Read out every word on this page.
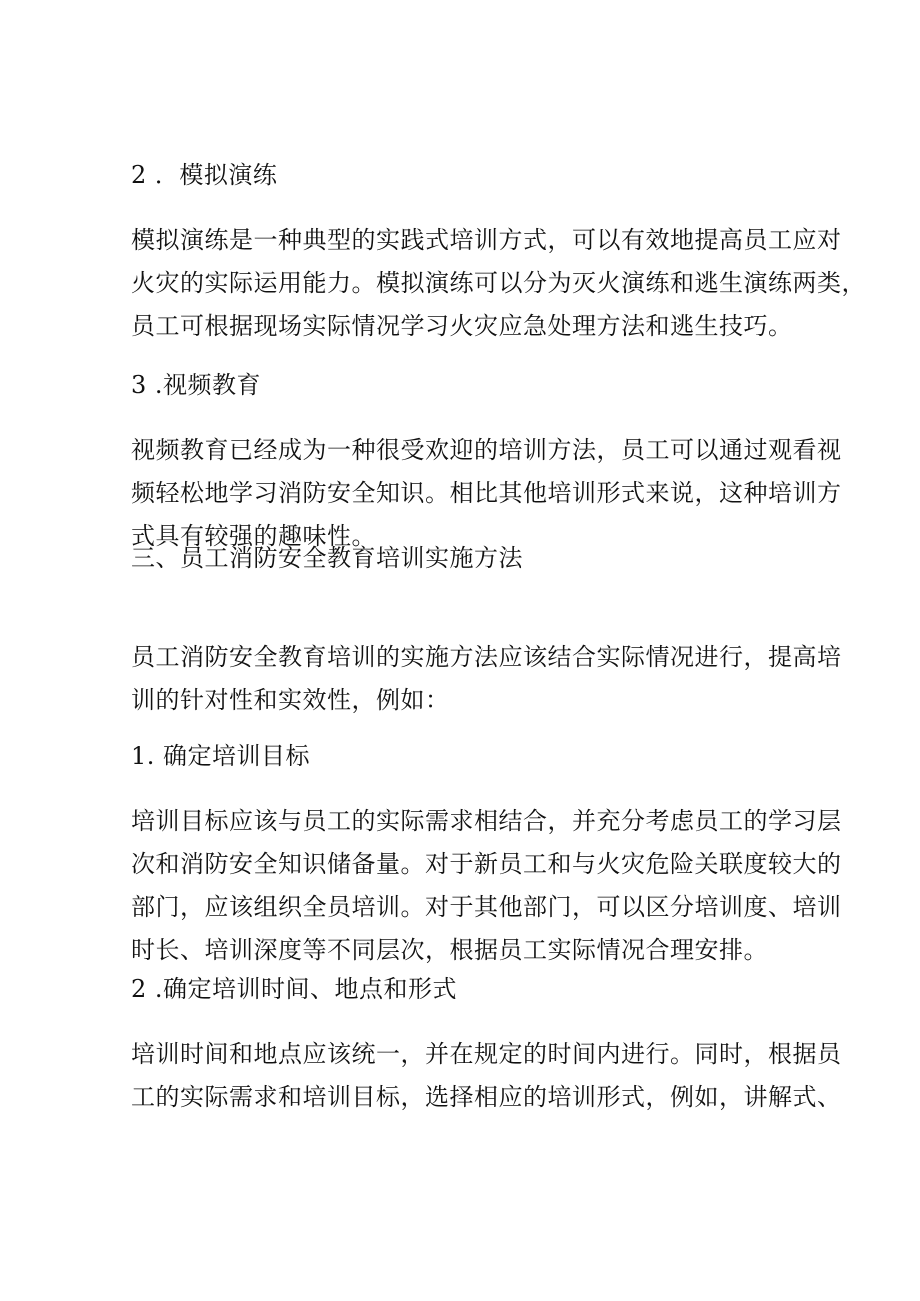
2 ．模拟演练

模拟演练是一种典型的实践式培训方式，可以有效地提高员工应对
火灾的实际运用能力。模拟演练可以分为灭火演练和逃生演练两类，
员工可根据现场实际情况学习火灾应急处理方法和逃生技巧。

3 .视频教育

视频教育已经成为一种很受欢迎的培训方法，员工可以通过观看视
频轻松地学习消防安全知识。相比其他培训形式来说，这种培训方
式具有较强的趣味性。

三、员工消防安全教育培训实施方法

员工消防安全教育培训的实施方法应该结合实际情况进行，提高培
训的针对性和实效性，例如：

1. 确定培训目标

培训目标应该与员工的实际需求相结合，并充分考虑员工的学习层
次和消防安全知识储备量。对于新员工和与火灾危险关联度较大的
部门，应该组织全员培训。对于其他部门，可以区分培训度、培训
时长、培训深度等不同层次，根据员工实际情况合理安排。

2 .确定培训时间、地点和形式

培训时间和地点应该统一，并在规定的时间内进行。同时，根据员
工的实际需求和培训目标，选择相应的培训形式，例如，讲解式、
